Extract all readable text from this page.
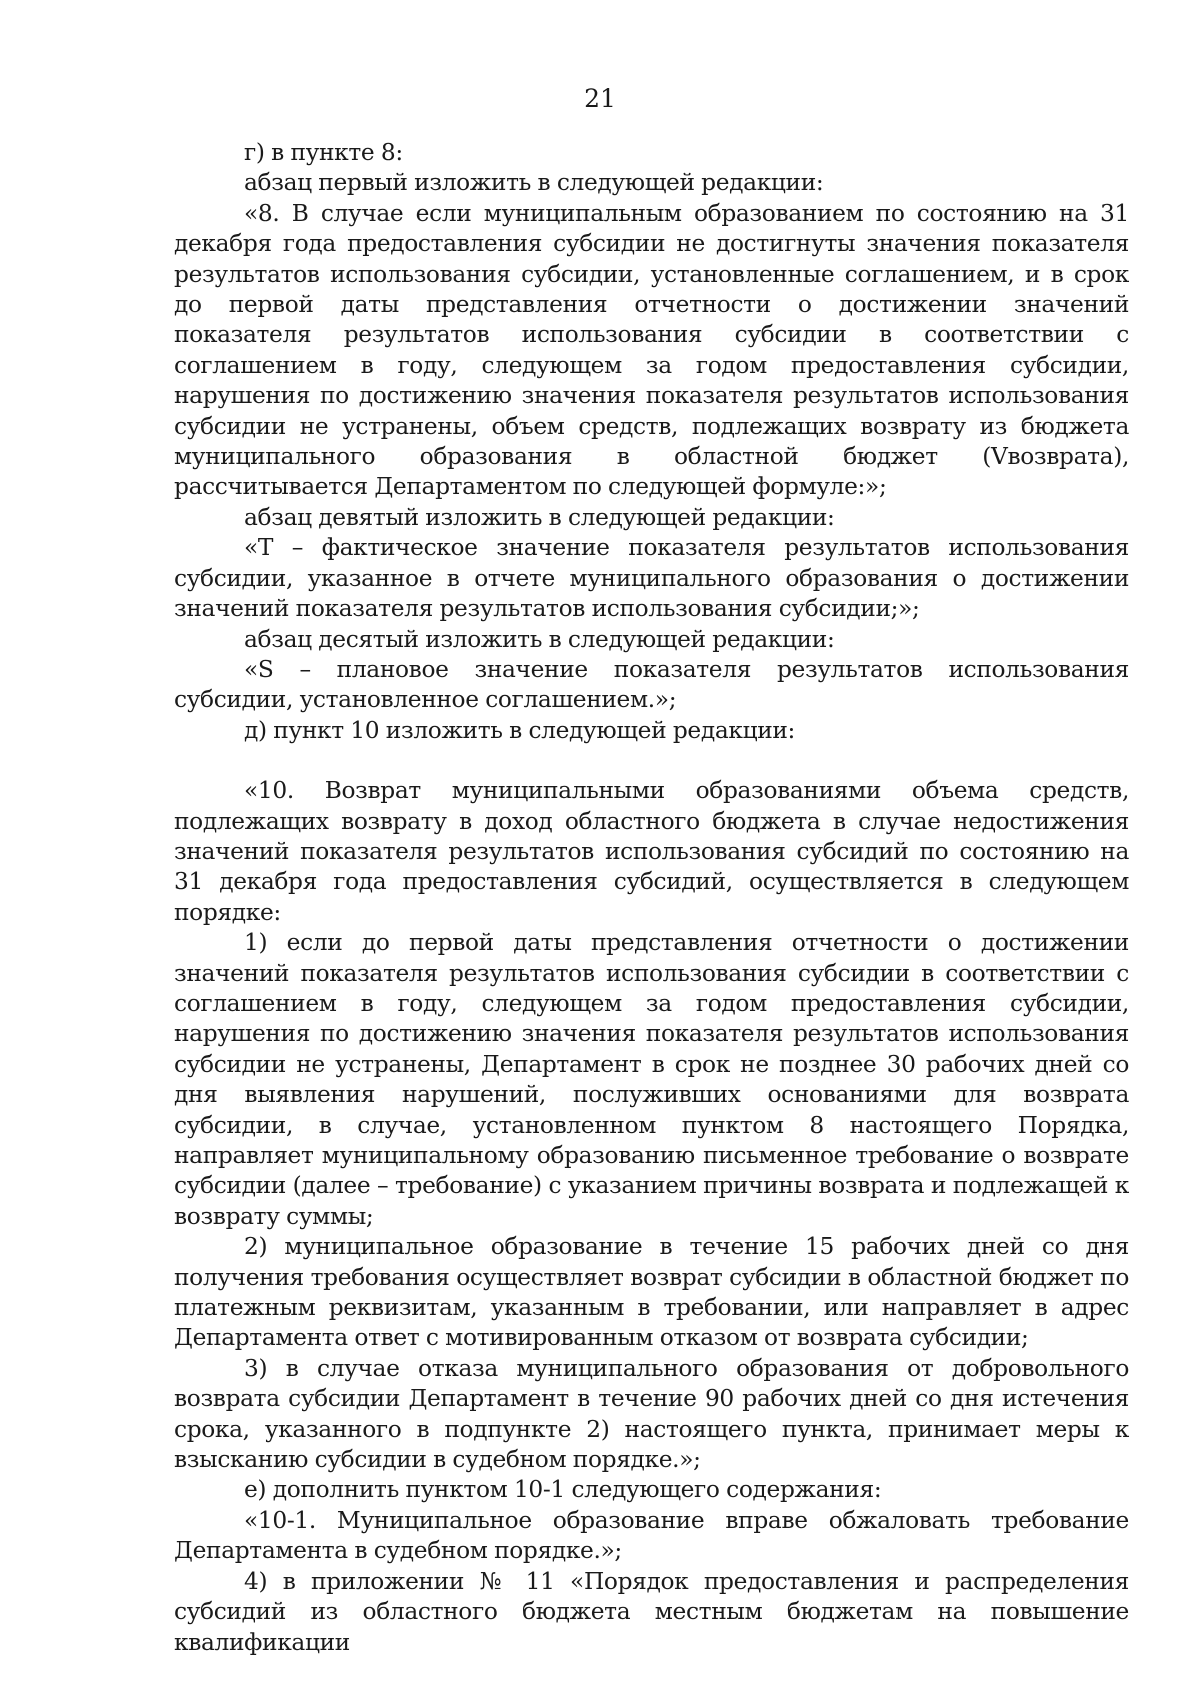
21

г) в пункте 8:

абзац первый изложить в следующей редакции:

«8. В случае если муниципальным образованием по состоянию на 31 декабря года предоставления субсидии не достигнуты значения показателя результатов использования субсидии, установленные соглашением, и в срок до первой даты представления отчетности о достижении значений показателя результатов использования субсидии в соответствии с соглашением в году, следующем за годом предоставления субсидии, нарушения по достижению значения показателя результатов использования субсидии не устранены, объем средств, подлежащих возврату из бюджета муниципального образования в областной бюджет (Vвозврата), рассчитывается Департаментом по следующей формуле:»;

абзац девятый изложить в следующей редакции:

«T – фактическое значение показателя результатов использования субсидии, указанное в отчете муниципального образования о достижении значений показателя результатов использования субсидии;»;

абзац десятый изложить в следующей редакции:

«S – плановое значение показателя результатов использования субсидии, установленное соглашением.»;

д) пункт 10 изложить в следующей редакции:

«10. Возврат муниципальными образованиями объема средств, подлежащих возврату в доход областного бюджета в случае недостижения значений показателя результатов использования субсидий по состоянию на 31 декабря года предоставления субсидий, осуществляется в следующем порядке:

1) если до первой даты представления отчетности о достижении значений показателя результатов использования субсидии в соответствии с соглашением в году, следующем за годом предоставления субсидии, нарушения по достижению значения показателя результатов использования субсидии не устранены, Департамент в срок не позднее 30 рабочих дней со дня выявления нарушений, послуживших основаниями для возврата субсидии, в случае, установленном пунктом 8 настоящего Порядка, направляет муниципальному образованию письменное требование о возврате субсидии (далее – требование) с указанием причины возврата и подлежащей к возврату суммы;

2) муниципальное образование в течение 15 рабочих дней со дня получения требования осуществляет возврат субсидии в областной бюджет по платежным реквизитам, указанным в требовании, или направляет в адрес Департамента ответ с мотивированным отказом от возврата субсидии;

3) в случае отказа муниципального образования от добровольного возврата субсидии Департамент в течение 90 рабочих дней со дня истечения срока, указанного в подпункте 2) настоящего пункта, принимает меры к взысканию субсидии в судебном порядке.»;

е) дополнить пунктом 10-1 следующего содержания:

«10-1. Муниципальное образование вправе обжаловать требование Департамента в судебном порядке.»;

4) в приложении № 11 «Порядок предоставления и распределения субсидий из областного бюджета местным бюджетам на повышение квалификации
